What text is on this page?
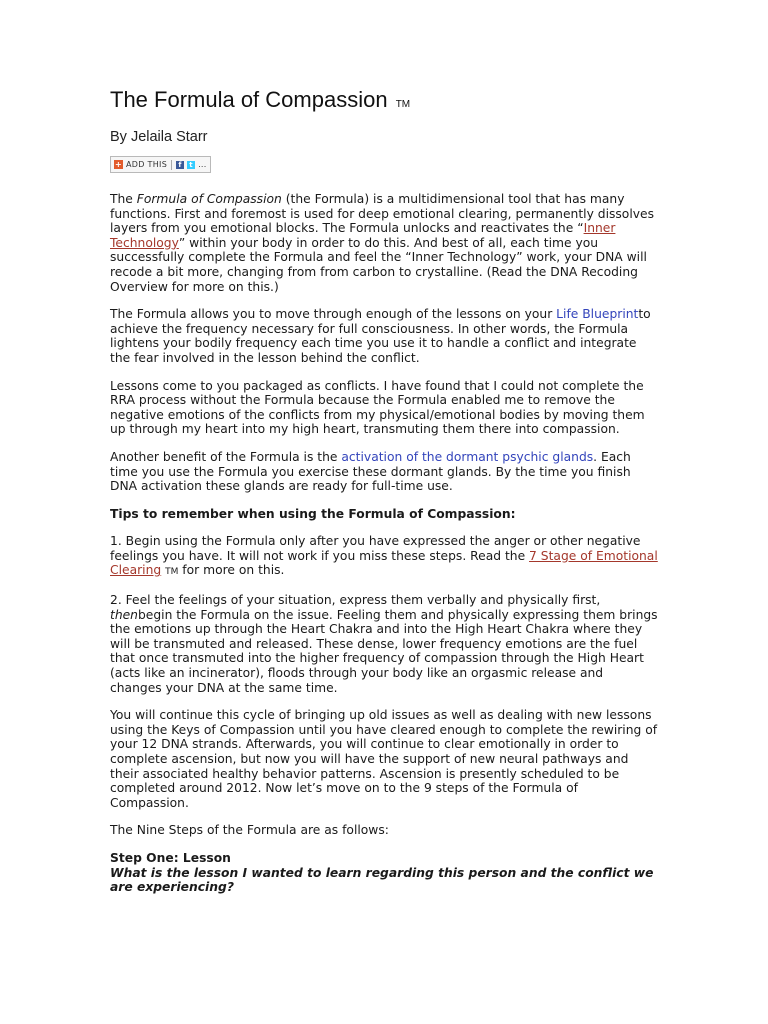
The Formula of Compassion TM
By Jelaila Starr
+ ADD THIS	f	t ...

The Formula of Compassion (the Formula) is a multidimensional tool that has many functions. First and foremost is used for deep emotional clearing, permanently dissolves layers from you emotional blocks. The Formula unlocks and reactivates the “Inner Technology” within your body in order to do this. And best of all, each time you successfully complete the Formula and feel the “Inner Technology” work, your DNA will recode a bit more, changing from from carbon to crystalline. (Read the DNA Recoding Overview for more on this.)

The Formula allows you to move through enough of the lessons on your Life Blueprintto achieve the frequency necessary for full consciousness. In other words, the Formula lightens your bodily frequency each time you use it to handle a conflict and integrate the fear involved in the lesson behind the conflict.

Lessons come to you packaged as conflicts. I have found that I could not complete the RRA process without the Formula because the Formula enabled me to remove the negative emotions of the conflicts from my physical/emotional bodies by moving them up through my heart into my high heart, transmuting them there into compassion.

Another benefit of the Formula is the activation of the dormant psychic glands. Each time you use the Formula you exercise these dormant glands. By the time you finish DNA activation these glands are ready for full-time use.

Tips to remember when using the Formula of Compassion:

1. Begin using the Formula only after you have expressed the anger or other negative feelings you have. It will not work if you miss these steps. Read the 7 Stage of Emotional Clearing TM for more on this.

2. Feel the feelings of your situation, express them verbally and physically first, thenbegin the Formula on the issue. Feeling them and physically expressing them brings the emotions up through the Heart Chakra and into the High Heart Chakra where they will be transmuted and released. These dense, lower frequency emotions are the fuel that once transmuted into the higher frequency of compassion through the High Heart (acts like an incinerator), floods through your body like an orgasmic release and changes your DNA at the same time.

You will continue this cycle of bringing up old issues as well as dealing with new lessons using the Keys of Compassion until you have cleared enough to complete the rewiring of your 12 DNA strands. Afterwards, you will continue to clear emotionally in order to complete ascension, but now you will have the support of new neural pathways and their associated healthy behavior patterns. Ascension is presently scheduled to be completed around 2012. Now let’s move on to the 9 steps of the Formula of Compassion.

The Nine Steps of the Formula are as follows:

Step One: Lesson

What is the lesson I wanted to learn regarding this person and the conflict we are experiencing?
